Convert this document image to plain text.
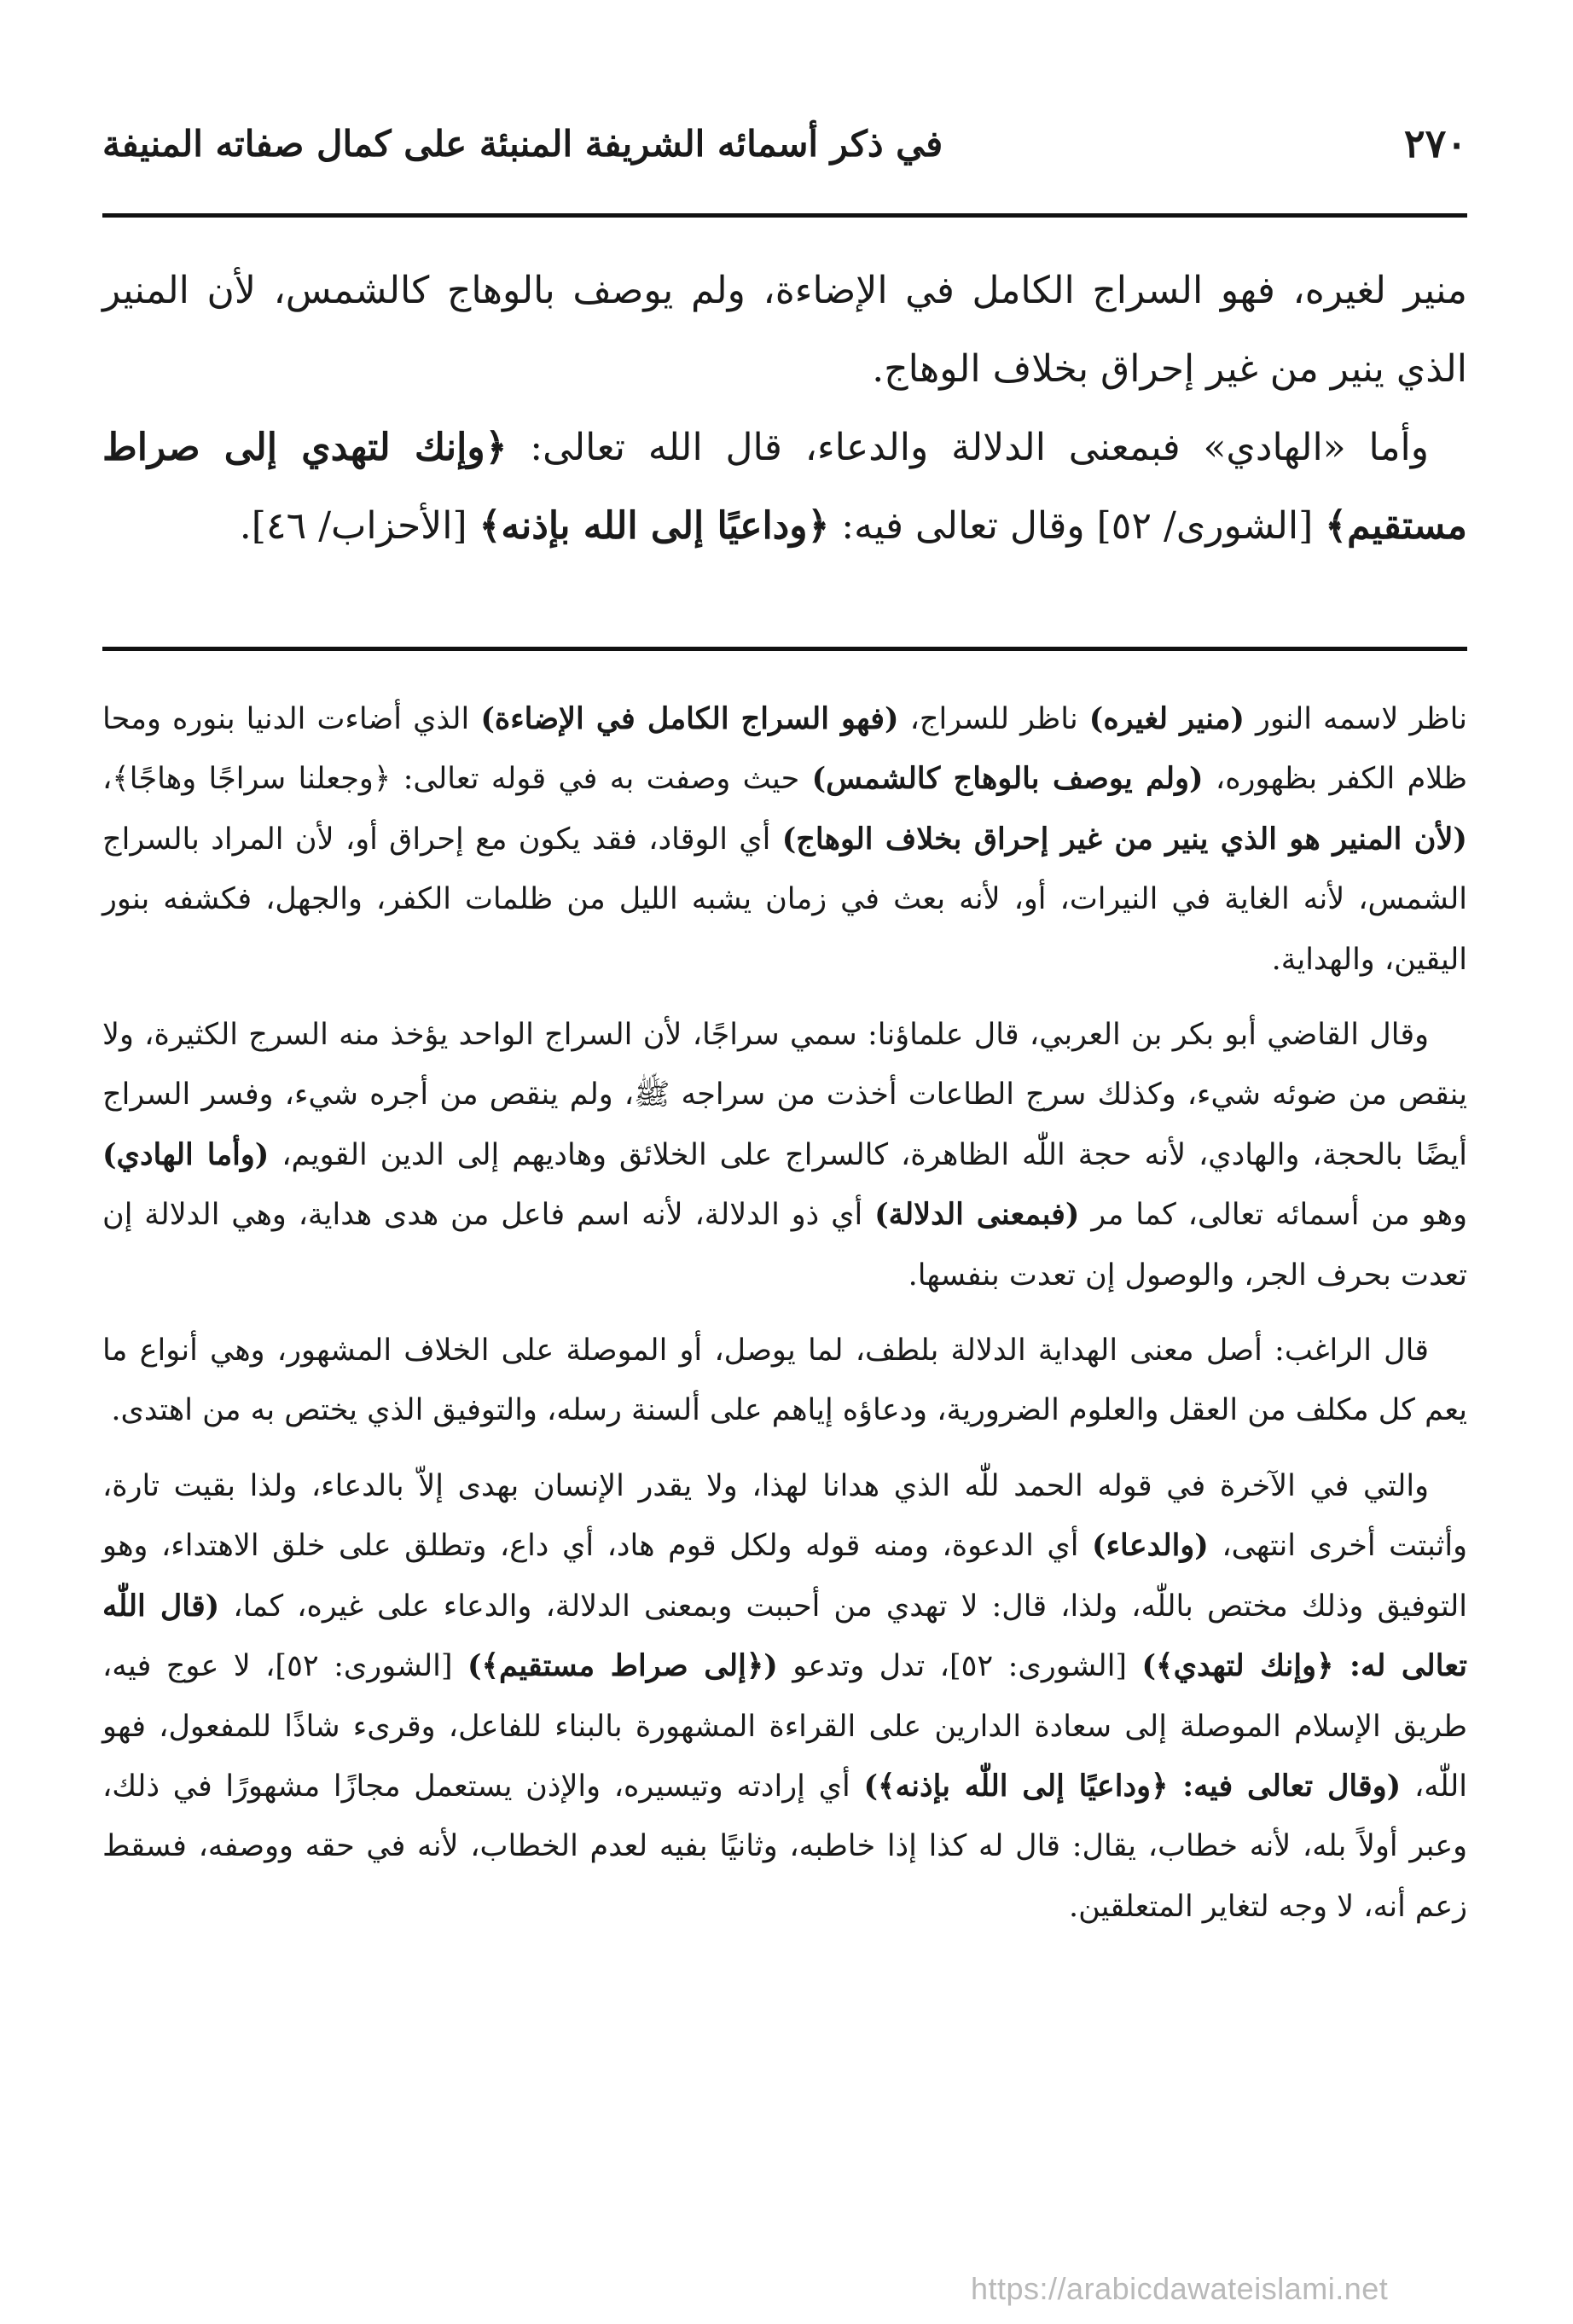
٢٧٠
في ذكر أسمائه الشريفة المنبئة على كمال صفاته المنيفة

منير لغيره، فهو السراج الكامل في الإضاءة، ولم يوصف بالوهاج كالشمس، لأن المنير الذي ينير من غير إحراق بخلاف الوهاج.

وأما «الهادي» فبمعنى الدلالة والدعاء، قال الله تعالى: ﴿وإنك لتهدي إلى صراط مستقيم﴾ [الشورى/ ٥٢] وقال تعالى فيه: ﴿وداعيًا إلى الله بإذنه﴾ [الأحزاب/ ٤٦].

ناظر لاسمه النور (منير لغيره) ناظر للسراج، (فهو السراج الكامل في الإضاءة) الذي أضاءت الدنيا بنوره ومحا ظلام الكفر بظهوره، (ولم يوصف بالوهاج كالشمس) حيث وصفت به في قوله تعالى: ﴿وجعلنا سراجًا وهاجًا﴾، (لأن المنير هو الذي ينير من غير إحراق بخلاف الوهاج) أي الوقاد، فقد يكون مع إحراق أو، لأن المراد بالسراج الشمس، لأنه الغاية في النيرات، أو، لأنه بعث في زمان يشبه الليل من ظلمات الكفر، والجهل، فكشفه بنور اليقين، والهداية.

وقال القاضي أبو بكر بن العربي، قال علماؤنا: سمي سراجًا، لأن السراج الواحد يؤخذ منه السرج الكثيرة، ولا ينقص من ضوئه شيء، وكذلك سرج الطاعات أخذت من سراجه ﷺ، ولم ينقص من أجره شيء، وفسر السراج أيضًا بالحجة، والهادي، لأنه حجة اللّٰه الظاهرة، كالسراج على الخلائق وهاديهم إلى الدين القويم، (وأما الهادي) وهو من أسمائه تعالى، كما مر (فبمعنى الدلالة) أي ذو الدلالة، لأنه اسم فاعل من هدى هداية، وهي الدلالة إن تعدت بحرف الجر، والوصول إن تعدت بنفسها.

قال الراغب: أصل معنى الهداية الدلالة بلطف، لما يوصل، أو الموصلة على الخلاف المشهور، وهي أنواع ما يعم كل مكلف من العقل والعلوم الضرورية، ودعاؤه إياهم على ألسنة رسله، والتوفيق الذي يختص به من اهتدى.

والتي في الآخرة في قوله الحمد للّٰه الذي هدانا لهذا، ولا يقدر الإنسان بهدى إلاّ بالدعاء، ولذا بقيت تارة، وأثبتت أخرى انتهى، (والدعاء) أي الدعوة، ومنه قوله ولكل قوم هاد، أي داع، وتطلق على خلق الاهتداء، وهو التوفيق وذلك مختص باللّٰه، ولذا، قال: لا تهدي من أحببت وبمعنى الدلالة، والدعاء على غيره، كما، (قال اللّٰه تعالى له: ﴿وإنك لتهدي﴾) [الشورى: ٥٢]، تدل وتدعو (﴿إلى صراط مستقيم﴾) [الشورى: ٥٢]، لا عوج فيه، طريق الإسلام الموصلة إلى سعادة الدارين على القراءة المشهورة بالبناء للفاعل، وقرىء شاذًا للمفعول، فهو اللّٰه، (وقال تعالى فيه: ﴿وداعيًا إلى اللّٰه بإذنه﴾) أي إرادته وتيسيره، والإذن يستعمل مجازًا مشهورًا في ذلك، وعبر أولاً بله، لأنه خطاب، يقال: قال له كذا إذا خاطبه، وثانيًا بفيه لعدم الخطاب، لأنه في حقه ووصفه، فسقط زعم أنه، لا وجه لتغاير المتعلقين.

https://arabicdawateislami.net
